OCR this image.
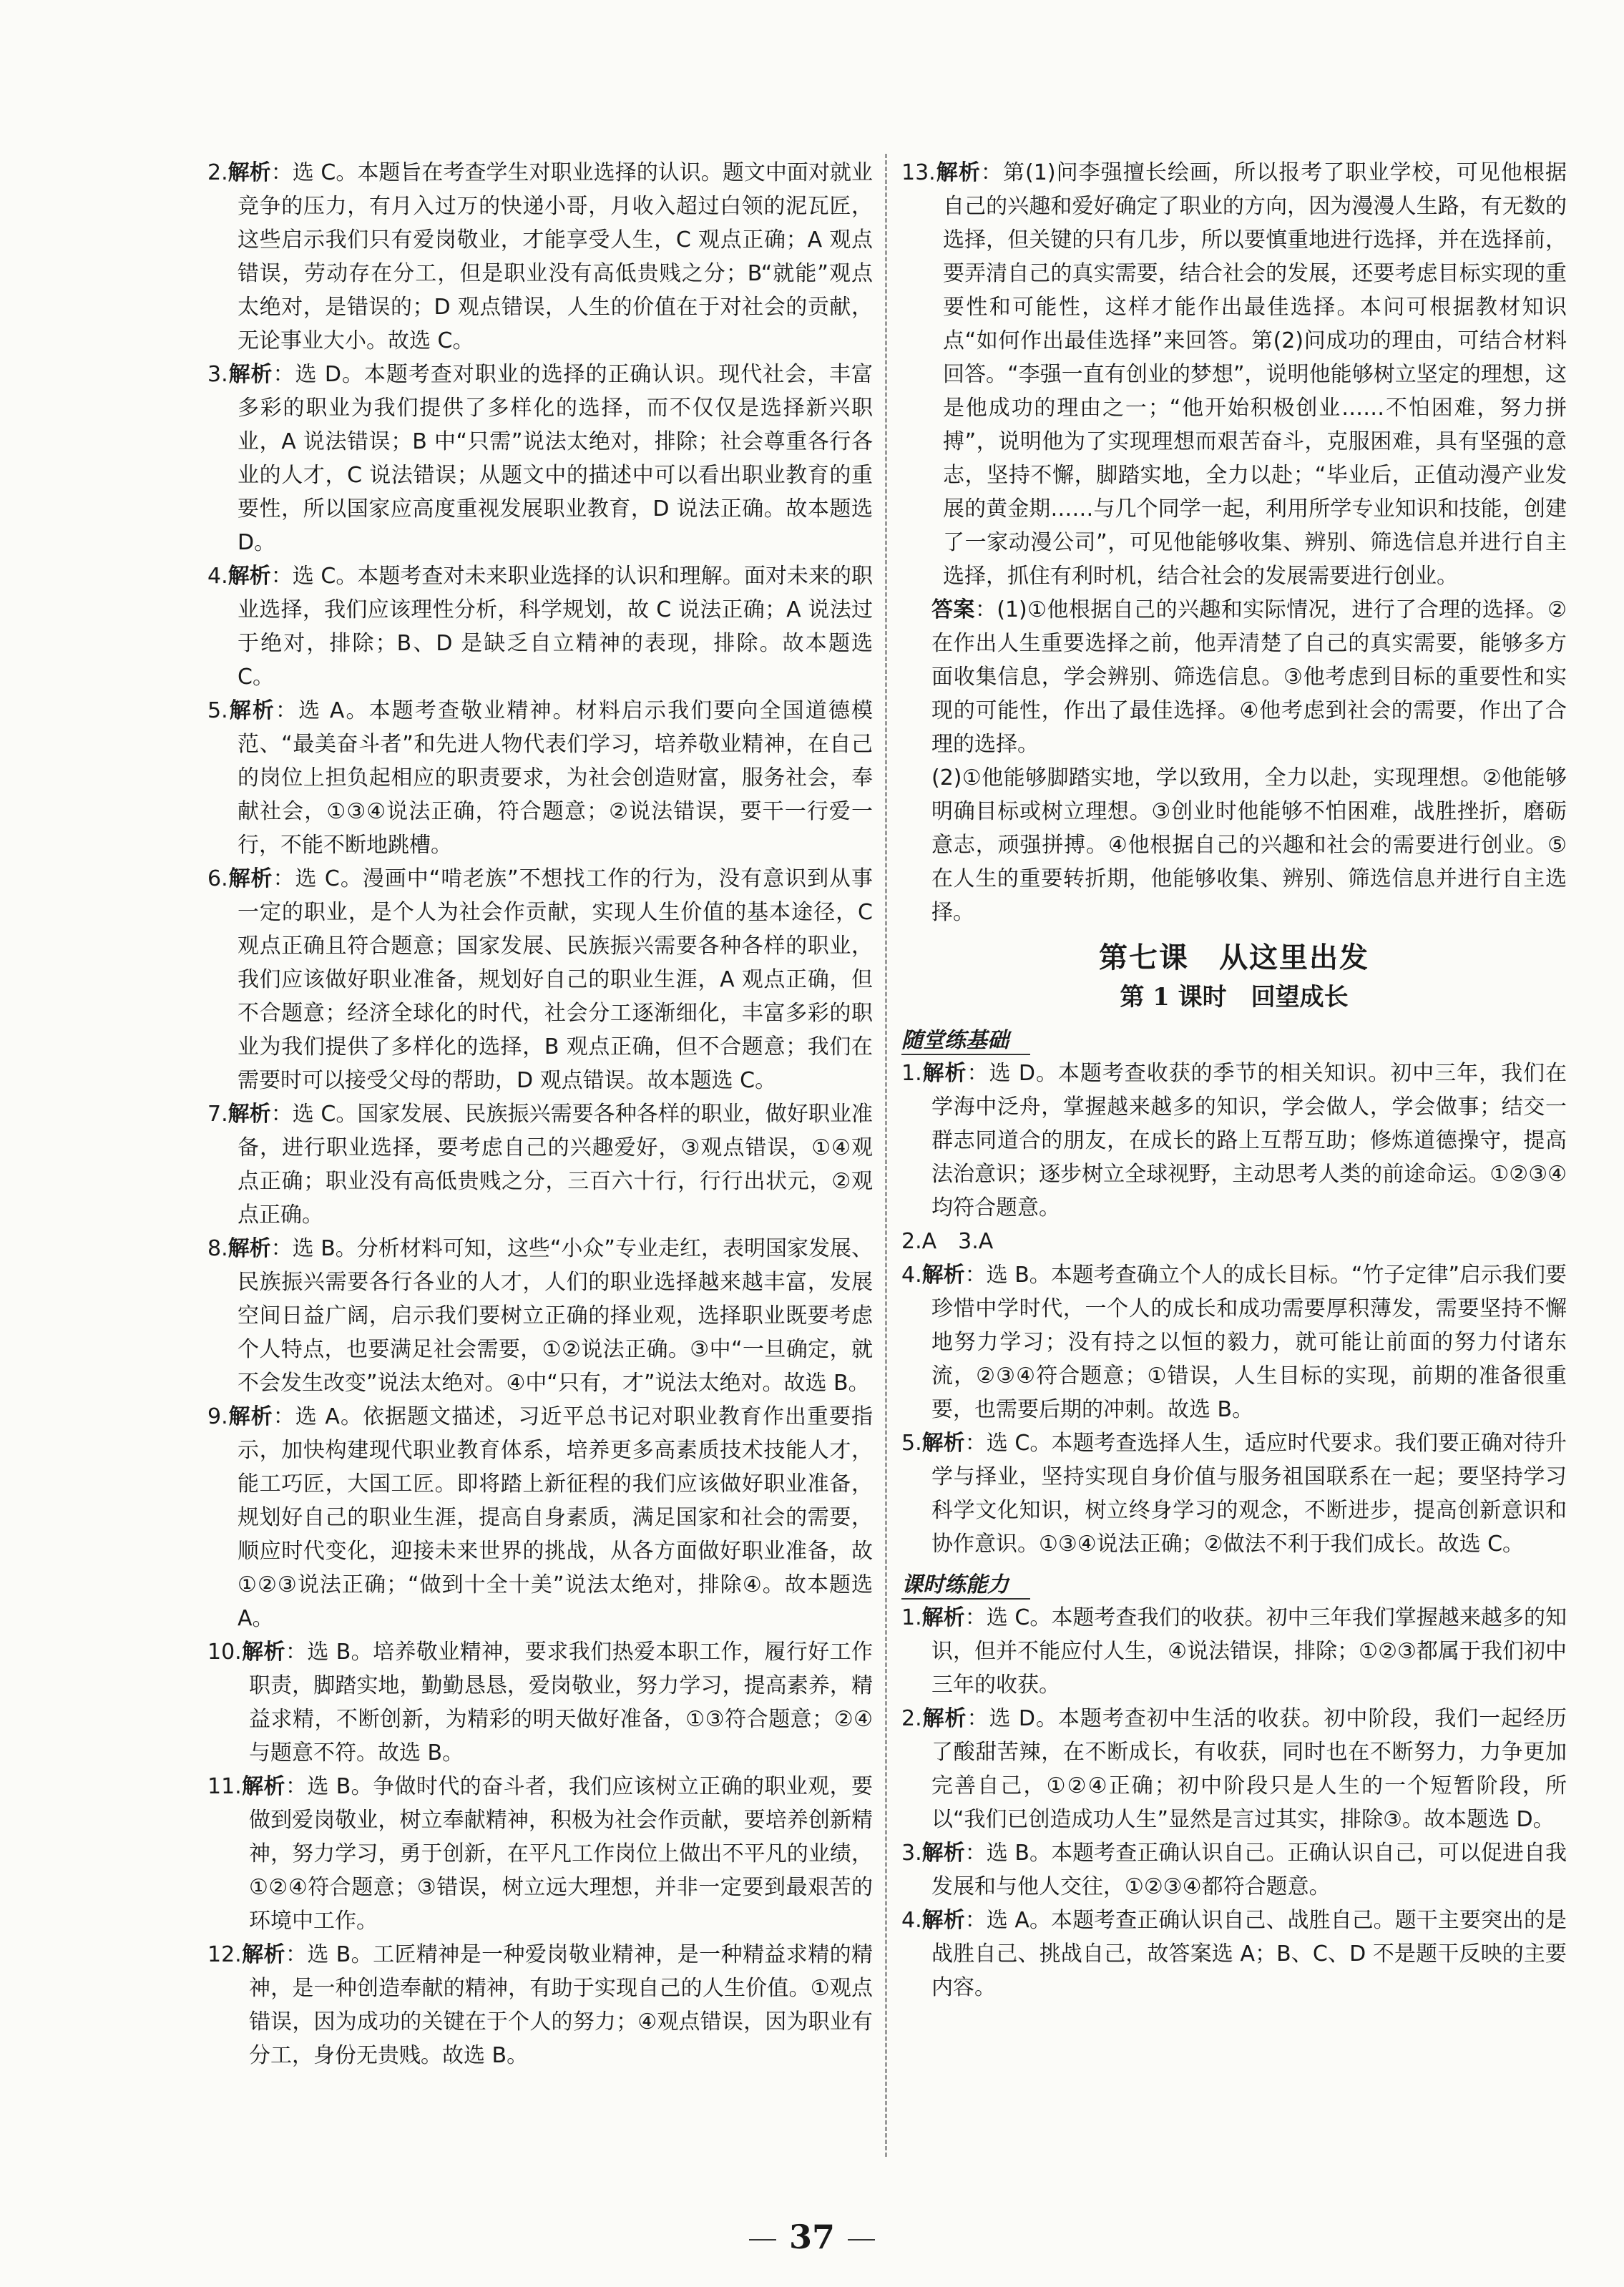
2.解析：选 C。本题旨在考查学生对职业选择的认识。题文中面对就业竞争的压力，有月入过万的快递小哥，月收入超过白领的泥瓦匠，这些启示我们只有爱岗敬业，才能享受人生，C 观点正确；A 观点错误，劳动存在分工，但是职业没有高低贵贱之分；B“就能”观点太绝对，是错误的；D 观点错误，人生的价值在于对社会的贡献，无论事业大小。故选 C。

3.解析：选 D。本题考查对职业的选择的正确认识。现代社会，丰富多彩的职业为我们提供了多样化的选择，而不仅仅是选择新兴职业，A 说法错误；B 中“只需”说法太绝对，排除；社会尊重各行各业的人才，C 说法错误；从题文中的描述中可以看出职业教育的重要性，所以国家应高度重视发展职业教育，D 说法正确。故本题选 D。

4.解析：选 C。本题考查对未来职业选择的认识和理解。面对未来的职业选择，我们应该理性分析，科学规划，故 C 说法正确；A 说法过于绝对，排除；B、D 是缺乏自立精神的表现，排除。故本题选 C。

5.解析：选 A。本题考查敬业精神。材料启示我们要向全国道德模范、“最美奋斗者”和先进人物代表们学习，培养敬业精神，在自己的岗位上担负起相应的职责要求，为社会创造财富，服务社会，奉献社会，①③④说法正确，符合题意；②说法错误，要干一行爱一行，不能不断地跳槽。

6.解析：选 C。漫画中“啃老族”不想找工作的行为，没有意识到从事一定的职业，是个人为社会作贡献，实现人生价值的基本途径，C 观点正确且符合题意；国家发展、民族振兴需要各种各样的职业，我们应该做好职业准备，规划好自己的职业生涯，A 观点正确，但不合题意；经济全球化的时代，社会分工逐渐细化，丰富多彩的职业为我们提供了多样化的选择，B 观点正确，但不合题意；我们在需要时可以接受父母的帮助，D 观点错误。故本题选 C。

7.解析：选 C。国家发展、民族振兴需要各种各样的职业，做好职业准备，进行职业选择，要考虑自己的兴趣爱好，③观点错误，①④观点正确；职业没有高低贵贱之分，三百六十行，行行出状元，②观点正确。

8.解析：选 B。分析材料可知，这些“小众”专业走红，表明国家发展、民族振兴需要各行各业的人才，人们的职业选择越来越丰富，发展空间日益广阔，启示我们要树立正确的择业观，选择职业既要考虑个人特点，也要满足社会需要，①②说法正确。③中“一旦确定，就不会发生改变”说法太绝对。④中“只有，才”说法太绝对。故选 B。

9.解析：选 A。依据题文描述，习近平总书记对职业教育作出重要指示，加快构建现代职业教育体系，培养更多高素质技术技能人才，能工巧匠，大国工匠。即将踏上新征程的我们应该做好职业准备，规划好自己的职业生涯，提高自身素质，满足国家和社会的需要，顺应时代变化，迎接未来世界的挑战，从各方面做好职业准备，故①②③说法正确；“做到十全十美”说法太绝对，排除④。故本题选 A。

10.解析：选 B。培养敬业精神，要求我们热爱本职工作，履行好工作职责，脚踏实地，勤勤恳恳，爱岗敬业，努力学习，提高素养，精益求精，不断创新，为精彩的明天做好准备，①③符合题意；②④与题意不符。故选 B。

11.解析：选 B。争做时代的奋斗者，我们应该树立正确的职业观，要做到爱岗敬业，树立奉献精神，积极为社会作贡献，要培养创新精神，努力学习，勇于创新，在平凡工作岗位上做出不平凡的业绩，①②④符合题意；③错误，树立远大理想，并非一定要到最艰苦的环境中工作。

12.解析：选 B。工匠精神是一种爱岗敬业精神，是一种精益求精的精神，是一种创造奉献的精神，有助于实现自己的人生价值。①观点错误，因为成功的关键在于个人的努力；④观点错误，因为职业有分工，身份无贵贱。故选 B。

13.解析：第(1)问李强擅长绘画，所以报考了职业学校，可见他根据自己的兴趣和爱好确定了职业的方向，因为漫漫人生路，有无数的选择，但关键的只有几步，所以要慎重地进行选择，并在选择前，要弄清自己的真实需要，结合社会的发展，还要考虑目标实现的重要性和可能性，这样才能作出最佳选择。本问可根据教材知识点“如何作出最佳选择”来回答。第(2)问成功的理由，可结合材料回答。“李强一直有创业的梦想”，说明他能够树立坚定的理想，这是他成功的理由之一；“他开始积极创业……不怕困难，努力拼搏”，说明他为了实现理想而艰苦奋斗，克服困难，具有坚强的意志，坚持不懈，脚踏实地，全力以赴；“毕业后，正值动漫产业发展的黄金期……与几个同学一起，利用所学专业知识和技能，创建了一家动漫公司”，可见他能够收集、辨别、筛选信息并进行自主选择，抓住有利时机，结合社会的发展需要进行创业。

答案：(1)①他根据自己的兴趣和实际情况，进行了合理的选择。②在作出人生重要选择之前，他弄清楚了自己的真实需要，能够多方面收集信息，学会辨别、筛选信息。③他考虑到目标的重要性和实现的可能性，作出了最佳选择。④他考虑到社会的需要，作出了合理的选择。

(2)①他能够脚踏实地，学以致用，全力以赴，实现理想。②他能够明确目标或树立理想。③创业时他能够不怕困难，战胜挫折，磨砺意志，顽强拼搏。④他根据自己的兴趣和社会的需要进行创业。⑤在人生的重要转折期，他能够收集、辨别、筛选信息并进行自主选择。

第七课　从这里出发
第 1 课时　回望成长
随堂练基础

1.解析：选 D。本题考查收获的季节的相关知识。初中三年，我们在学海中泛舟，掌握越来越多的知识，学会做人，学会做事；结交一群志同道合的朋友，在成长的路上互帮互助；修炼道德操守，提高法治意识；逐步树立全球视野，主动思考人类的前途命运。①②③④均符合题意。

2.A　3.A

4.解析：选 B。本题考查确立个人的成长目标。“竹子定律”启示我们要珍惜中学时代，一个人的成长和成功需要厚积薄发，需要坚持不懈地努力学习；没有持之以恒的毅力，就可能让前面的努力付诸东流，②③④符合题意；①错误，人生目标的实现，前期的准备很重要，也需要后期的冲刺。故选 B。

5.解析：选 C。本题考查选择人生，适应时代要求。我们要正确对待升学与择业，坚持实现自身价值与服务祖国联系在一起；要坚持学习科学文化知识，树立终身学习的观念，不断进步，提高创新意识和协作意识。①③④说法正确；②做法不利于我们成长。故选 C。

课时练能力

1.解析：选 C。本题考查我们的收获。初中三年我们掌握越来越多的知识，但并不能应付人生，④说法错误，排除；①②③都属于我们初中三年的收获。

2.解析：选 D。本题考查初中生活的收获。初中阶段，我们一起经历了酸甜苦辣，在不断成长，有收获，同时也在不断努力，力争更加完善自己，①②④正确；初中阶段只是人生的一个短暂阶段，所以“我们已创造成功人生”显然是言过其实，排除③。故本题选 D。

3.解析：选 B。本题考查正确认识自己。正确认识自己，可以促进自我发展和与他人交往，①②③④都符合题意。

4.解析：选 A。本题考查正确认识自己、战胜自己。题干主要突出的是战胜自己、挑战自己，故答案选 A；B、C、D 不是题干反映的主要内容。

37
